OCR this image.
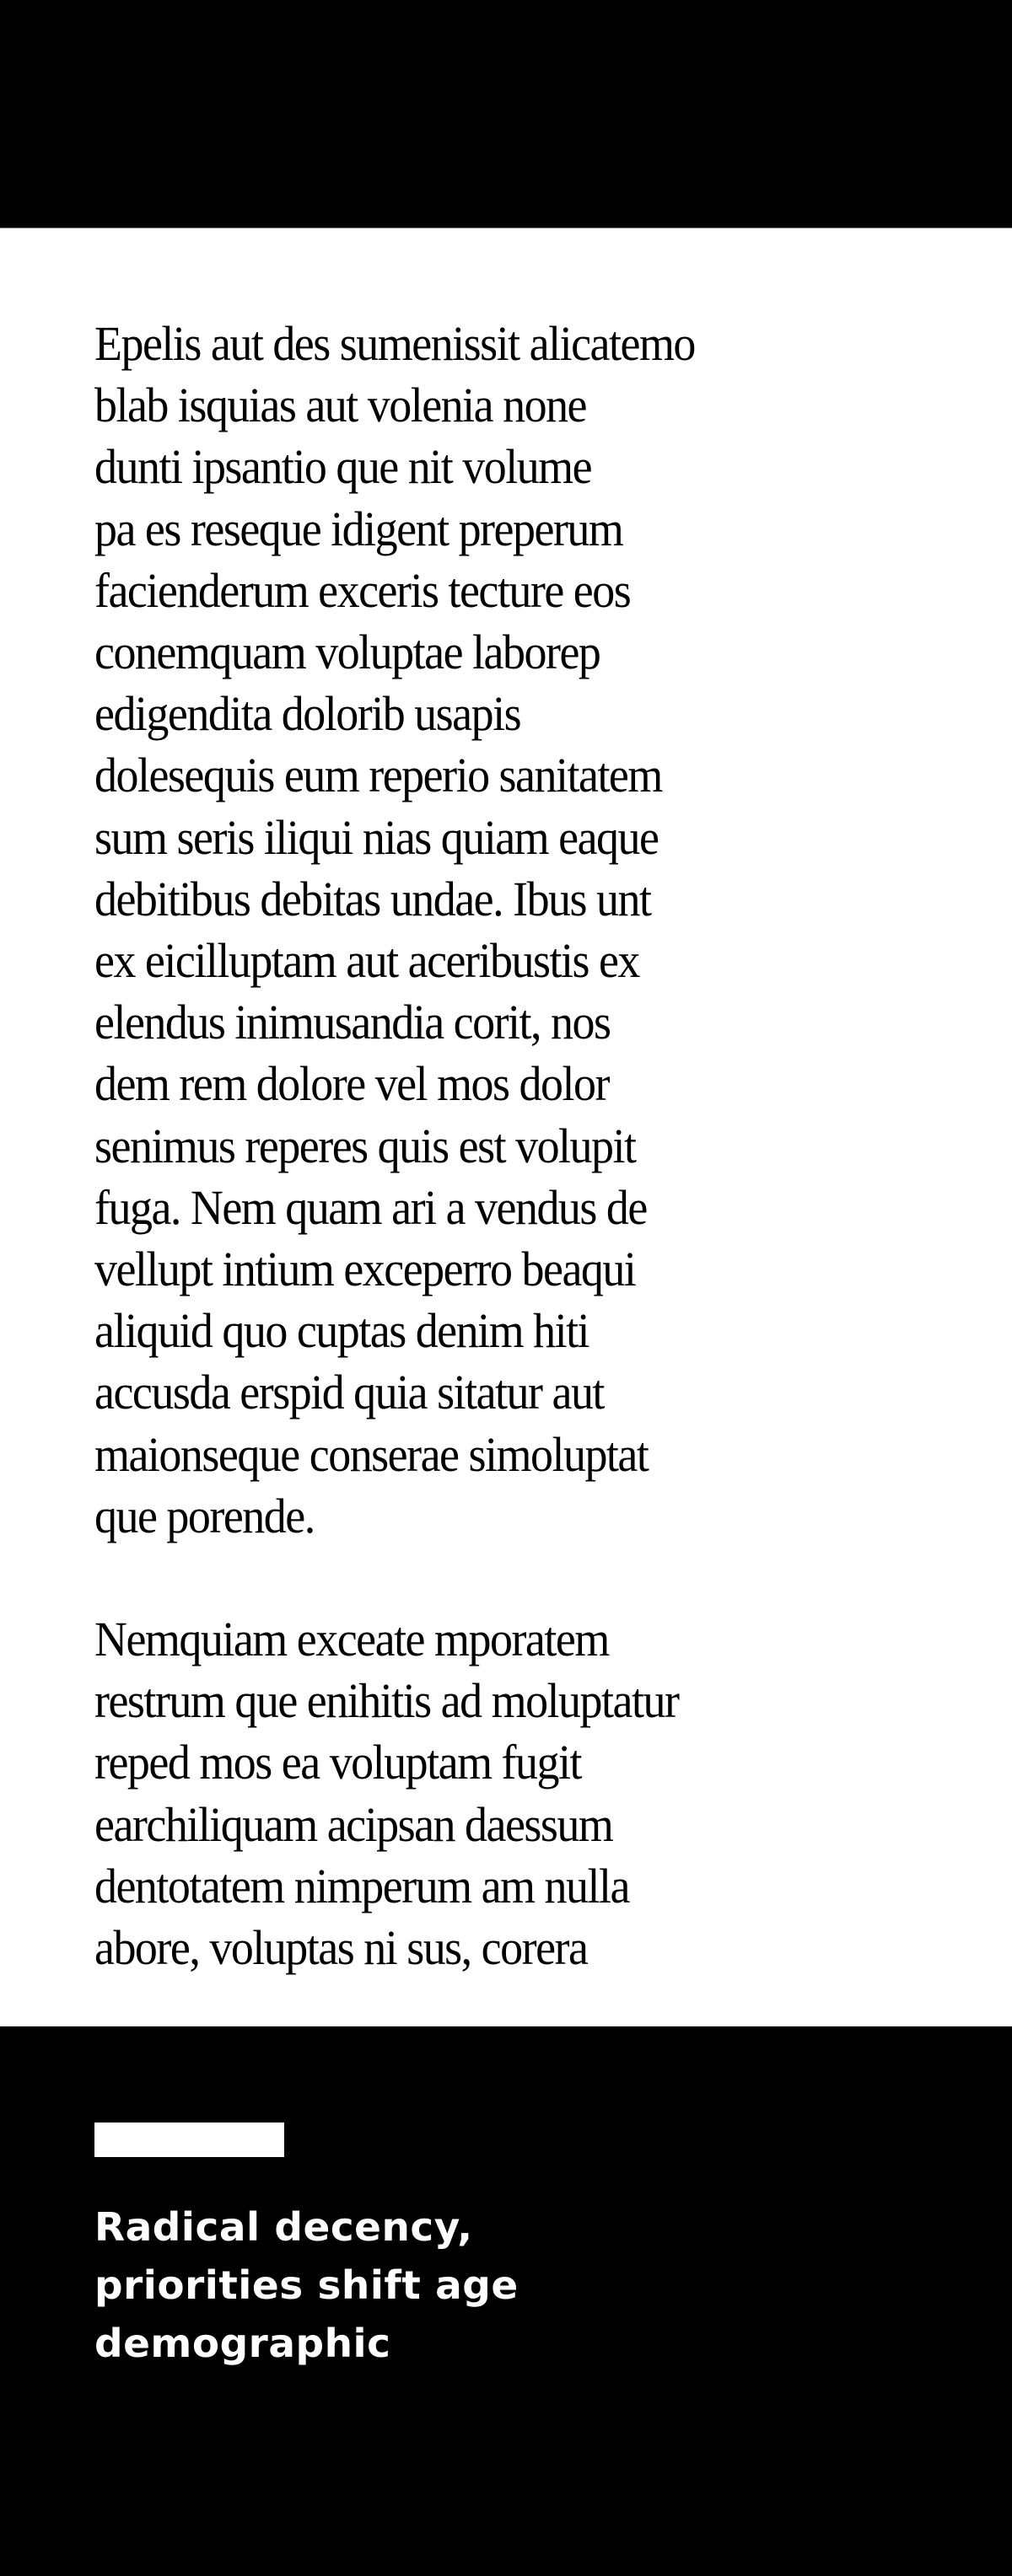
Epelis aut des sumenissit alicatemo
blab isquias aut volenia none
dunti ipsantio que nit volume
pa es reseque idigent preperum
facienderum exceris tecture eos
conemquam voluptae laborep
edigendita dolorib usapis
dolesequis eum reperio sanitatem
sum seris iliqui nias quiam eaque
debitibus debitas undae. Ibus unt
ex eicilluptam aut aceribustis ex
elendus inimusandia corit, nos
dem rem dolore vel mos dolor
senimus reperes quis est volupit
fuga. Nem quam ari a vendus de
vellupt intium exceperro beaqui
aliquid quo cuptas denim hiti
accusda erspid quia sitatur aut
maionseque conserae simoluptat
que porende.

Nemquiam exceate mporatem
restrum que enihitis ad moluptatur
reped mos ea voluptam fugit
earchiliquam acipsan daessum
dentotatem nimperum am nulla
abore, voluptas ni sus, corera

Radical decency,
priorities shift age
demographic
